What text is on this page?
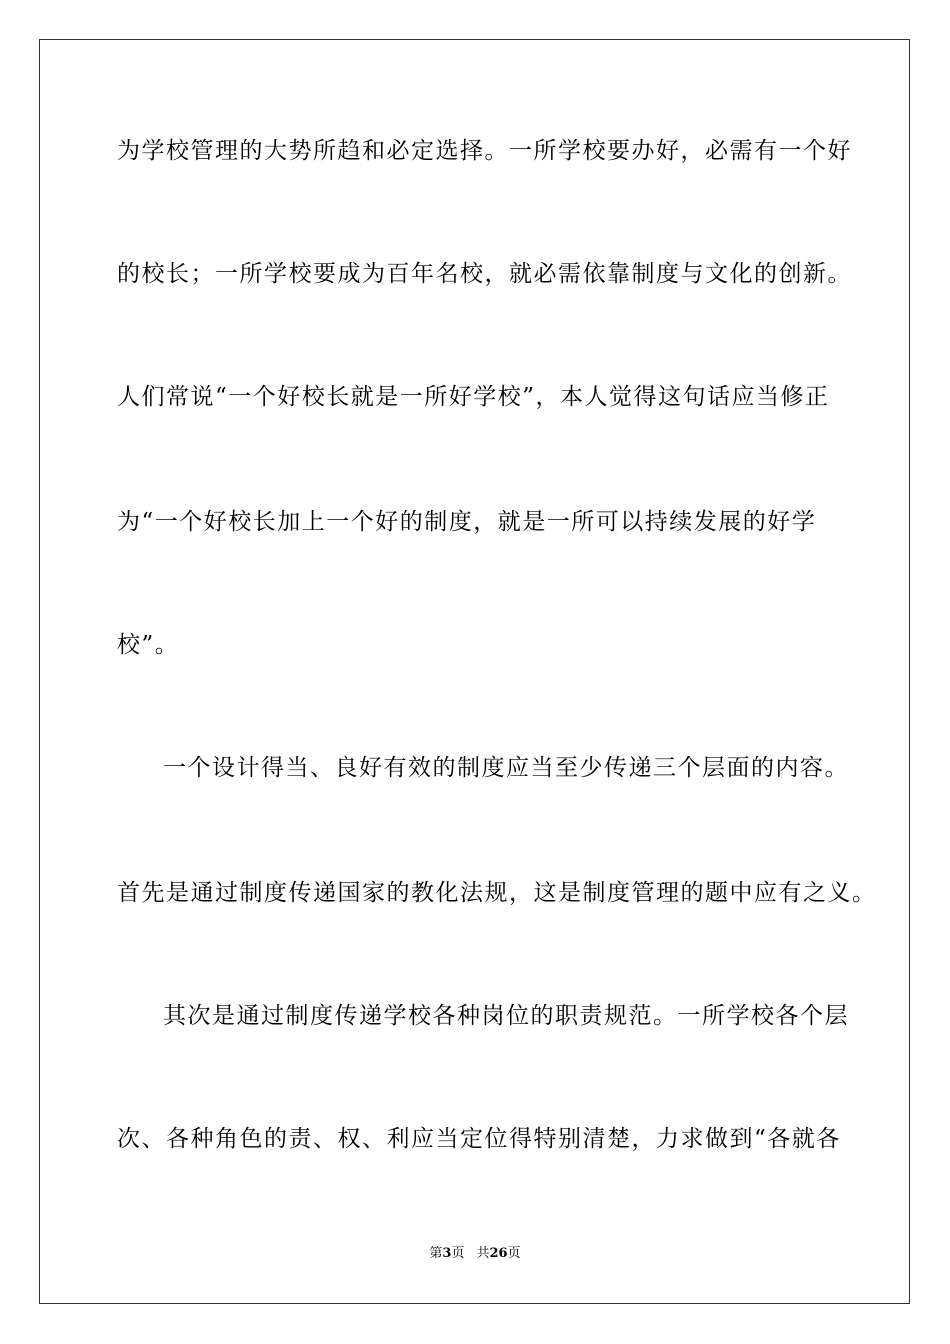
为学校管理的大势所趋和必定选择。一所学校要办好，必需有一个好

的校长；一所学校要成为百年名校，就必需依靠制度与文化的创新。

人们常说“一个好校长就是一所好学校”，本人觉得这句话应当修正

为“一个好校长加上一个好的制度，就是一所可以持续发展的好学

校”。

一个设计得当、良好有效的制度应当至少传递三个层面的内容。

首先是通过制度传递国家的教化法规，这是制度管理的题中应有之义。

其次是通过制度传递学校各种岗位的职责规范。一所学校各个层

次、各种角色的责、权、利应当定位得特别清楚，力求做到“各就各

第3页 共26页
